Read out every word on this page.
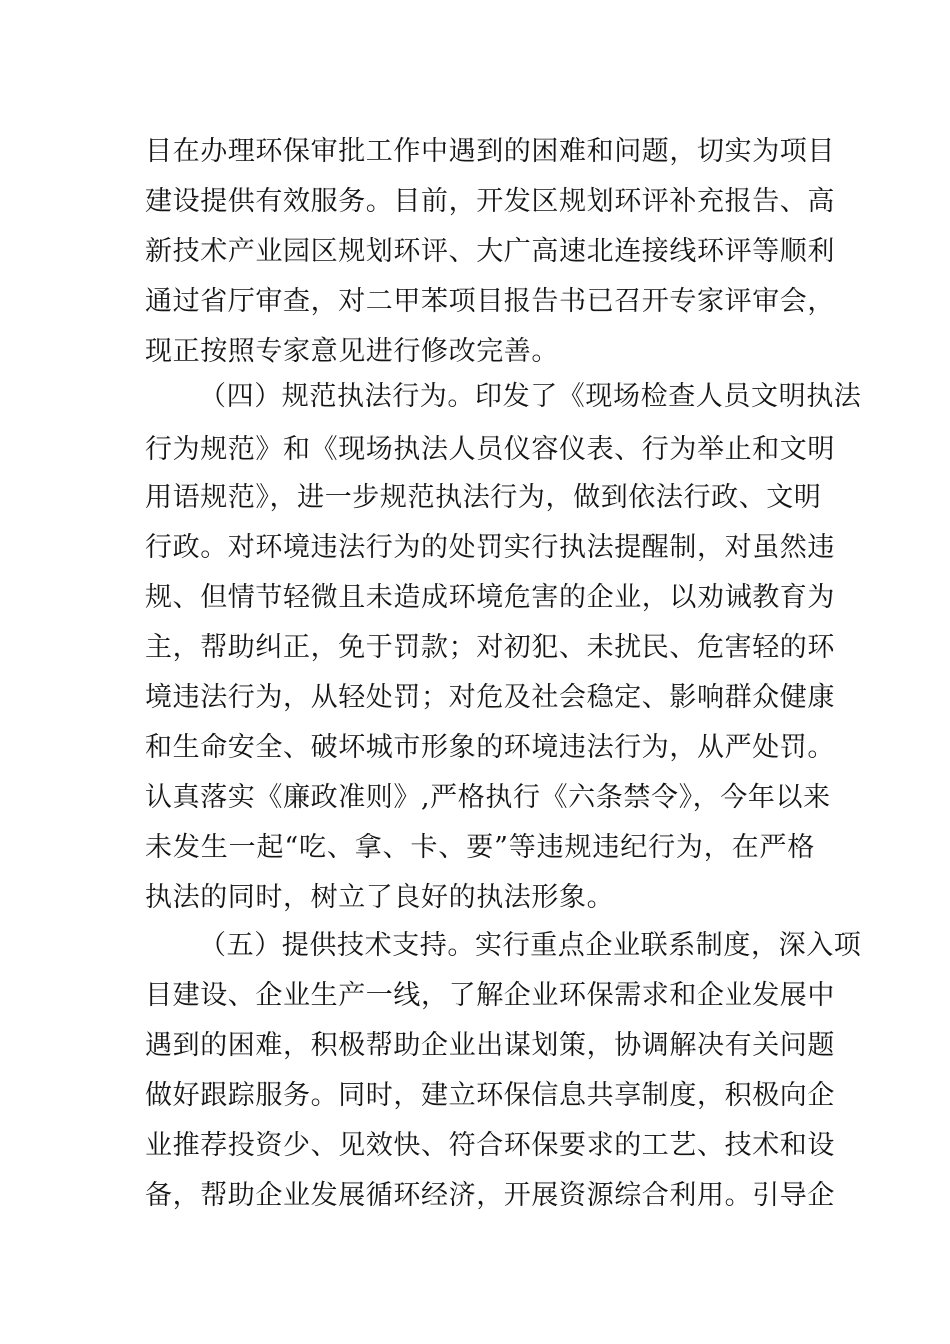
目在办理环保审批工作中遇到的困难和问题，切实为项目
建设提供有效服务。目前，开发区规划环评补充报告、高
新技术产业园区规划环评、大广高速北连接线环评等顺利
通过省厅审查，对二甲苯项目报告书已召开专家评审会，
现正按照专家意见进行修改完善。
（四）规范执法行为。印发了《现场检查人员文明执法
行为规范》和《现场执法人员仪容仪表、行为举止和文明
用语规范》，进一步规范执法行为，做到依法行政、文明
行政。对环境违法行为的处罚实行执法提醒制，对虽然违
规、但情节轻微且未造成环境危害的企业，以劝诫教育为
主，帮助纠正，免于罚款；对初犯、未扰民、危害轻的环
境违法行为，从轻处罚；对危及社会稳定、影响群众健康
和生命安全、破坏城市形象的环境违法行为，从严处罚。
认真落实《廉政准则》,严格执行《六条禁令》，今年以来
未发生一起“吃、拿、卡、要”等违规违纪行为，在严格
执法的同时，树立了良好的执法形象。
（五）提供技术支持。实行重点企业联系制度，深入项
目建设、企业生产一线，了解企业环保需求和企业发展中
遇到的困难，积极帮助企业出谋划策，协调解决有关问题
做好跟踪服务。同时，建立环保信息共享制度，积极向企
业推荐投资少、见效快、符合环保要求的工艺、技术和设
备，帮助企业发展循环经济，开展资源综合利用。引导企
